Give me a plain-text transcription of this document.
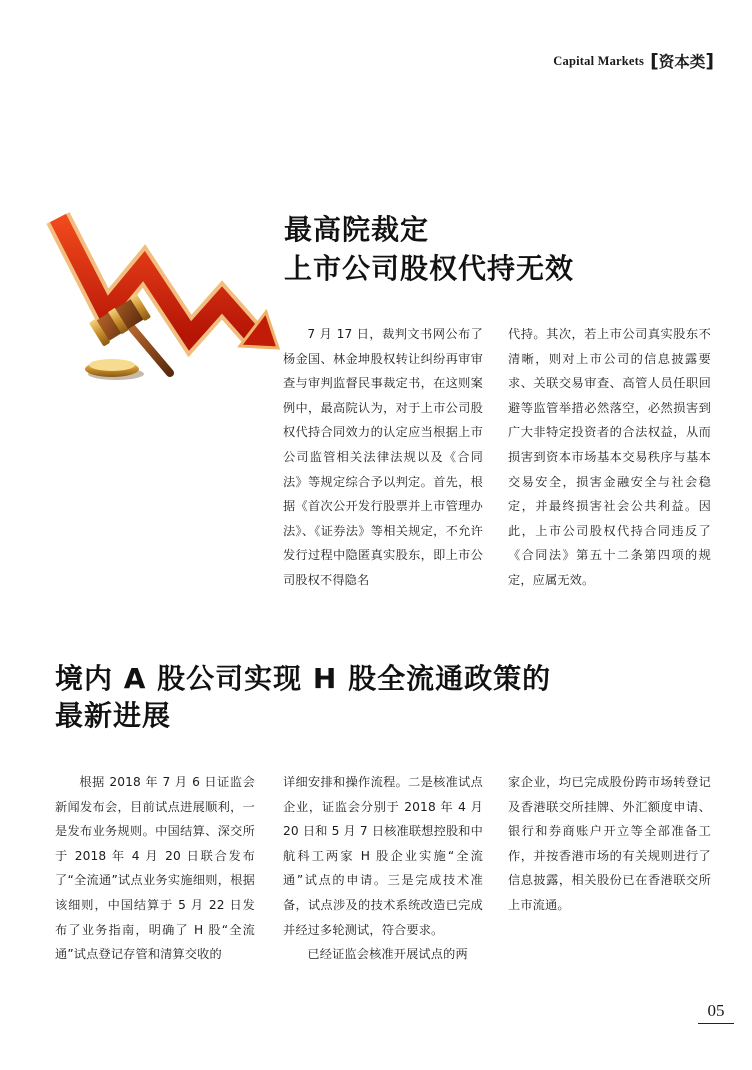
Capital Markets [资本类]
最高院裁定
上市公司股权代持无效

7 月 17 日，裁判文书网公布了杨金国、林金坤股权转让纠纷再审审查与审判监督民事裁定书，在这则案例中，最高院认为，对于上市公司股权代持合同效力的认定应当根据上市公司监管相关法律法规以及《合同法》等规定综合予以判定。首先，根据《首次公开发行股票并上市管理办法》、《证券法》等相关规定，不允许发行过程中隐匿真实股东，即上市公司股权不得隐名

代持。其次，若上市公司真实股东不清晰，则对上市公司的信息披露要求、关联交易审查、高管人员任职回避等监管举措必然落空，必然损害到广大非特定投资者的合法权益，从而损害到资本市场基本交易秩序与基本交易安全，损害金融安全与社会稳定，并最终损害社会公共利益。因此，上市公司股权代持合同违反了《合同法》第五十二条第四项的规定，应属无效。

境内 A 股公司实现 H 股全流通政策的
最新进展

根据 2018 年 7 月 6 日证监会新闻发布会，目前试点进展顺利，一是发布业务规则。中国结算、深交所于 2018 年 4 月 20 日联合发布了“全流通”试点业务实施细则，根据该细则，中国结算于 5 月 22 日发布了业务指南，明确了 H 股“全流通”试点登记存管和清算交收的

详细安排和操作流程。二是核准试点企业，证监会分别于 2018 年 4 月 20 日和 5 月 7 日核准联想控股和中航科工两家 H 股企业实施“全流通”试点的申请。三是完成技术准备，试点涉及的技术系统改造已完成并经过多轮测试，符合要求。

已经证监会核准开展试点的两

家企业，均已完成股份跨市场转登记及香港联交所挂牌、外汇额度申请、银行和券商账户开立等全部准备工作，并按香港市场的有关规则进行了信息披露，相关股份已在香港联交所上市流通。

05
